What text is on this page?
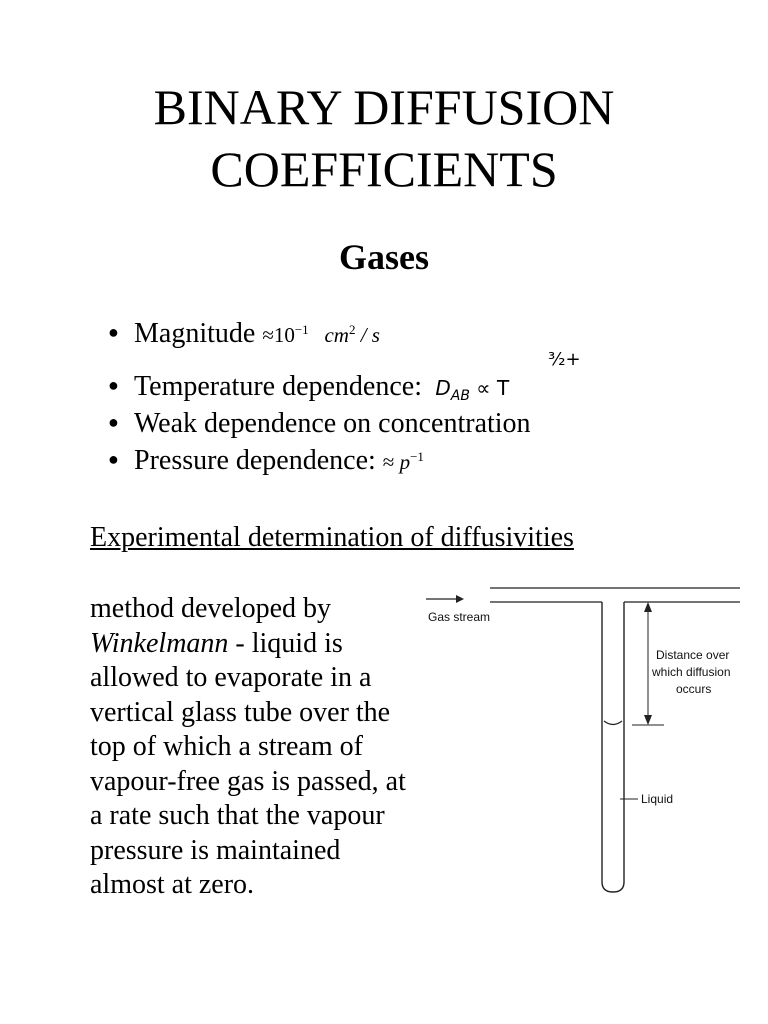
BINARY DIFFUSION
COEFFICIENTS
Gases
● Magnitude $\approx 10^{-1}$ $cm^2$ / s
● Temperature dependence: $D_{AB} \propto T$
³⁄₂+
● Weak dependence on concentration
● Pressure dependence: ≈ $p^{-1}$
Experimental determination of diffusivities

method developed by Winkelmann - liquid is allowed to evaporate in a vertical glass tube over the top of which a stream of vapour-free gas is passed, at a rate such that the vapour pressure is maintained almost at zero.

Gas stream
Distance over
which diffusion
occurs
Liquid
